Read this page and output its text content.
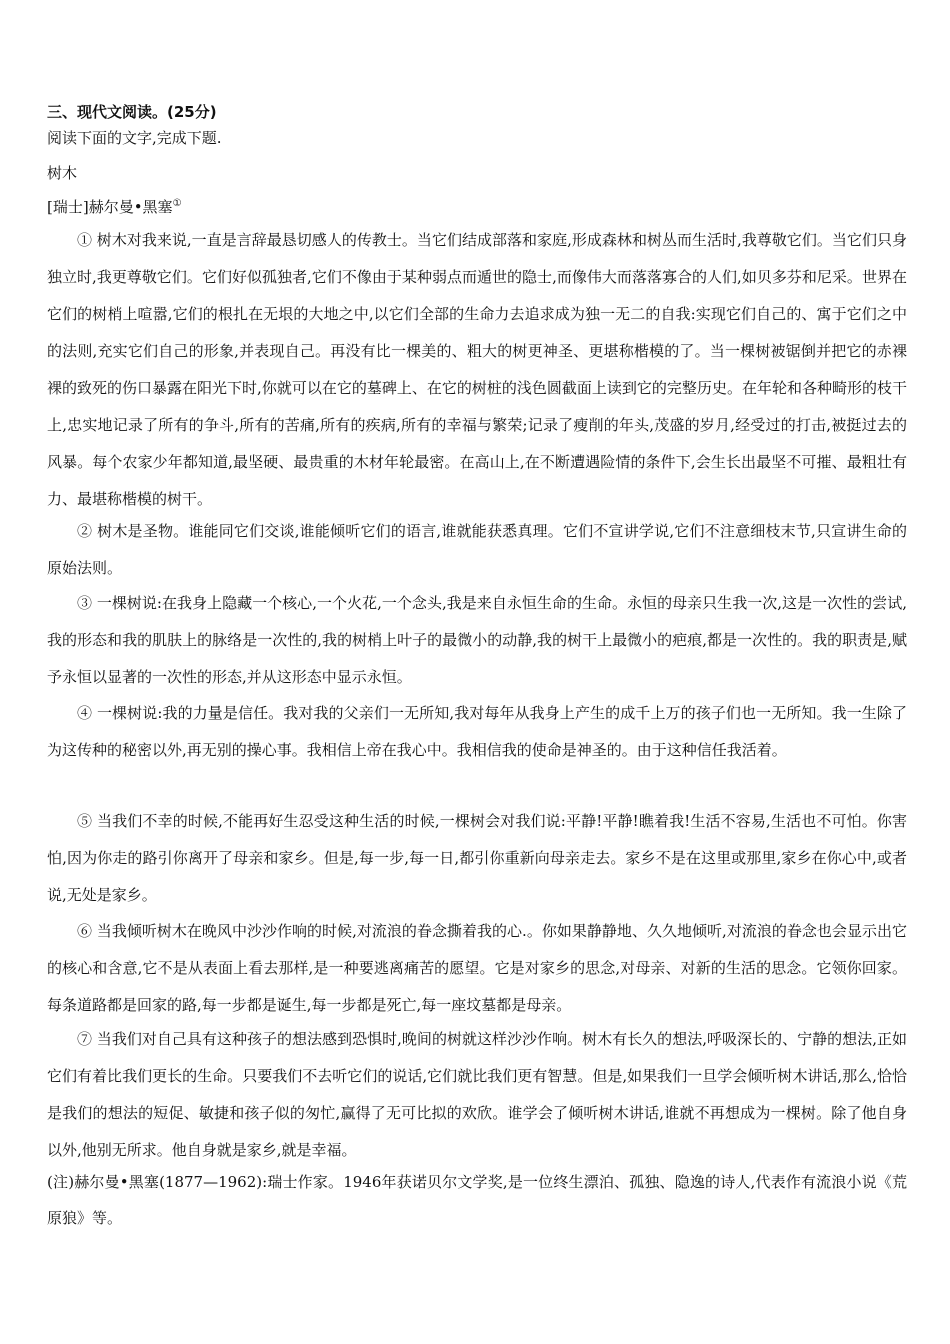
三、现代文阅读。(25分)

阅读下面的文字,完成下题.

树木

[瑞士]赫尔曼•黑塞①

① 树木对我来说,一直是言辞最恳切感人的传教士。当它们结成部落和家庭,形成森林和树丛而生活时,我尊敬它们。当它们只身独立时,我更尊敬它们。它们好似孤独者,它们不像由于某种弱点而遁世的隐士,而像伟大而落落寡合的人们,如贝多芬和尼采。世界在它们的树梢上喧嚣,它们的根扎在无垠的大地之中,以它们全部的生命力去追求成为独一无二的自我:实现它们自己的、寓于它们之中的法则,充实它们自己的形象,并表现自己。再没有比一棵美的、粗大的树更神圣、更堪称楷模的了。当一棵树被锯倒并把它的赤裸裸的致死的伤口暴露在阳光下时,你就可以在它的墓碑上、在它的树桩的浅色圆截面上读到它的完整历史。在年轮和各种畸形的枝干上,忠实地记录了所有的争斗,所有的苦痛,所有的疾病,所有的幸福与繁荣;记录了瘦削的年头,茂盛的岁月,经受过的打击,被挺过去的风暴。每个农家少年都知道,最坚硬、最贵重的木材年轮最密。在高山上,在不断遭遇险情的条件下,会生长出最坚不可摧、最粗壮有力、最堪称楷模的树干。

② 树木是圣物。谁能同它们交谈,谁能倾听它们的语言,谁就能获悉真理。它们不宣讲学说,它们不注意细枝末节,只宣讲生命的原始法则。

③ 一棵树说:在我身上隐藏一个核心,一个火花,一个念头,我是来自永恒生命的生命。永恒的母亲只生我一次,这是一次性的尝试,我的形态和我的肌肤上的脉络是一次性的,我的树梢上叶子的最微小的动静,我的树干上最微小的疤痕,都是一次性的。我的职责是,赋予永恒以显著的一次性的形态,并从这形态中显示永恒。

④ 一棵树说:我的力量是信任。我对我的父亲们一无所知,我对每年从我身上产生的成千上万的孩子们也一无所知。我一生除了为这传种的秘密以外,再无别的操心事。我相信上帝在我心中。我相信我的使命是神圣的。由于这种信任我活着。

⑤ 当我们不幸的时候,不能再好生忍受这种生活的时候,一棵树会对我们说:平静!平静!瞧着我!生活不容易,生活也不可怕。你害怕,因为你走的路引你离开了母亲和家乡。但是,每一步,每一日,都引你重新向母亲走去。家乡不是在这里或那里,家乡在你心中,或者说,无处是家乡。

⑥ 当我倾听树木在晚风中沙沙作响的时候,对流浪的眷念撕着我的心.。你如果静静地、久久地倾听,对流浪的眷念也会显示出它的核心和含意,它不是从表面上看去那样,是一种要逃离痛苦的愿望。它是对家乡的思念,对母亲、对新的生活的思念。它领你回家。每条道路都是回家的路,每一步都是诞生,每一步都是死亡,每一座坟墓都是母亲。

⑦ 当我们对自己具有这种孩子的想法感到恐惧时,晚间的树就这样沙沙作响。树木有长久的想法,呼吸深长的、宁静的想法,正如它们有着比我们更长的生命。只要我们不去听它们的说话,它们就比我们更有智慧。但是,如果我们一旦学会倾听树木讲话,那么,恰恰是我们的想法的短促、敏捷和孩子似的匆忙,赢得了无可比拟的欢欣。谁学会了倾听树木讲话,谁就不再想成为一棵树。除了他自身以外,他别无所求。他自身就是家乡,就是幸福。

(注)赫尔曼•黑塞(1877—1962):瑞士作家。1946年获诺贝尔文学奖,是一位终生漂泊、孤独、隐逸的诗人,代表作有流浪小说《荒原狼》等。
